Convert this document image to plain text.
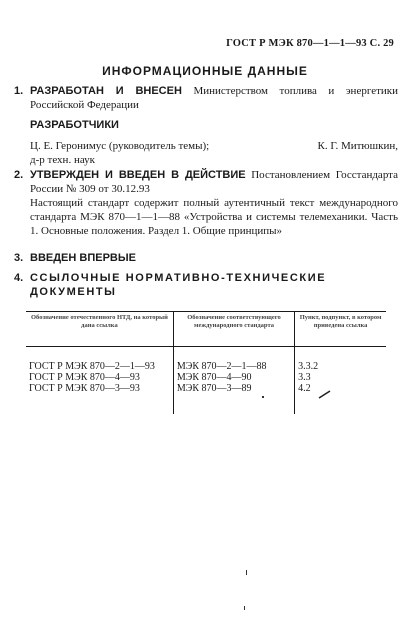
ГОСТ Р МЭК 870—1—1—93 С. 29
ИНФОРМАЦИОННЫЕ ДАННЫЕ
1. РАЗРАБОТАН И ВНЕСЕН Министерством топлива и энергетики Российской Федерации
РАЗРАБОТЧИКИ
Ц. Е. Геронимус (руководитель темы);	К. Г. Митюшкин,
д-р техн. наук
2. УТВЕРЖДЕН И ВВЕДЕН В ДЕЙСТВИЕ Постановлением Госстандарта России № 309 от 30.12.93
Настоящий стандарт содержит полный аутентичный текст международного стандарта МЭК 870—1—1—88 «Устройства и системы телемеханики. Часть 1. Основные положения. Раздел 1. Общие принципы»
3. ВВЕДЕН ВПЕРВЫЕ
4. ССЫЛОЧНЫЕ НОРМАТИВНО-ТЕХНИЧЕСКИЕ ДОКУМЕНТЫ
Обозначение отечественного НТД, на который дана ссылка	Обозначение соответствующего международного стандарта	Пункт, подпункт, в котором приведена ссылка
ГОСТ Р МЭК 870—2—1—93	МЭК 870—2—1—88	3.3.2
ГОСТ Р МЭК 870—4—93	МЭК 870—4—90	3.3
ГОСТ Р МЭК 870—3—93	МЭК 870—3—89	4.2
